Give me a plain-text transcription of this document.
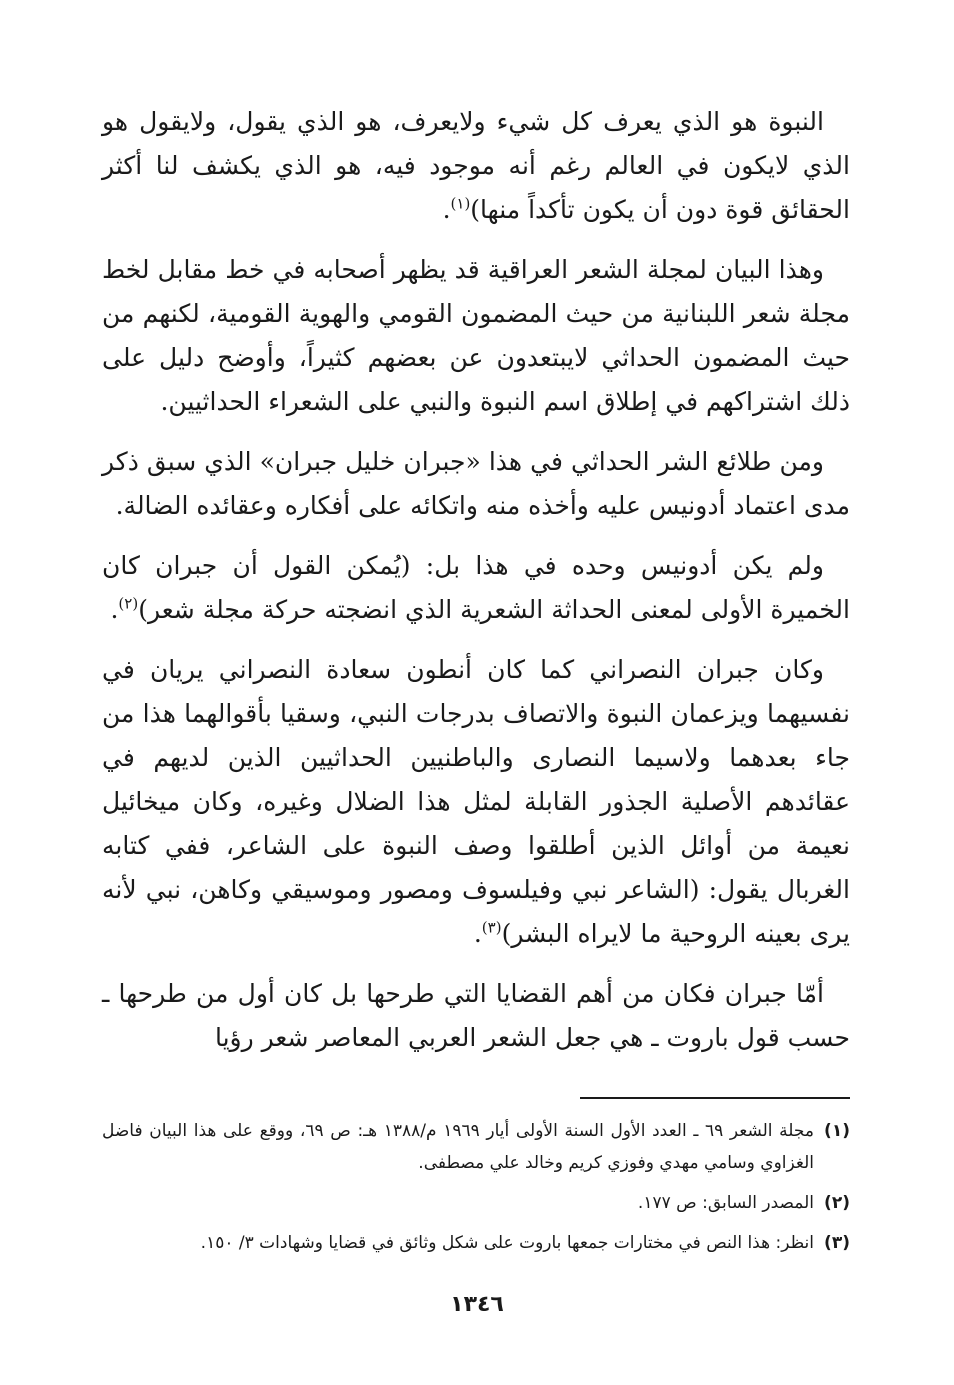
النبوة هو الذي يعرف كل شيء ولايعرف، هو الذي يقول، ولايقول هو الذي لايكون في العالم رغم أنه موجود فيه، هو الذي يكشف لنا أكثر الحقائق قوة دون أن يكون تأكداً منها)$^{(١)}$.

وهذا البيان لمجلة الشعر العراقية قد يظهر أصحابه في خط مقابل لخط مجلة شعر اللبنانية من حيث المضمون القومي والهوية القومية، لكنهم من حيث المضمون الحداثي لايبتعدون عن بعضهم كثيراً، وأوضح دليل على ذلك اشتراكهم في إطلاق اسم النبوة والنبي على الشعراء الحداثيين.

ومن طلائع الشر الحداثي في هذا «جبران خليل جبران» الذي سبق ذكر مدى اعتماد أدونيس عليه وأخذه منه واتكائه على أفكاره وعقائده الضالة.

ولم يكن أدونيس وحده في هذا بل: (يُمكن القول أن جبران كان الخميرة الأولى لمعنى الحداثة الشعرية الذي انضجته حركة مجلة شعر)$^{(٢)}$.

وكان جبران النصراني كما كان أنطون سعادة النصراني يريان في نفسيهما ويزعمان النبوة والاتصاف بدرجات النبي، وسقيا بأقوالهما هذا من جاء بعدهما ولاسيما النصارى والباطنيين الحداثيين الذين لديهم في عقائدهم الأصلية الجذور القابلة لمثل هذا الضلال وغيره، وكان ميخائيل نعيمة من أوائل الذين أطلقوا وصف النبوة على الشاعر، ففي كتابه الغربال يقول: (الشاعر نبي وفيلسوف ومصور وموسيقي وكاهن، نبي لأنه يرى بعينه الروحية ما لايراه البشر)$^{(٣)}$.

أمّا جبران فكان من أهم القضايا التي طرحها بل كان أول من طرحها ـ حسب قول باروت ـ هي جعل الشعر العربي المعاصر شعر رؤيا

(١)
مجلة الشعر ٦٩ ـ العدد الأول السنة الأولى أيار ١٩٦٩ م/١٣٨٨ هـ: ص ٦٩، ووقع على هذا البيان فاضل الغزاوي وسامي مهدي وفوزي كريم وخالد علي مصطفى.
(٢)
المصدر السابق: ص ١٧٧.
(٣)
انظر: هذا النص في مختارات جمعها باروت على شكل وثائق في قضايا وشهادات ٣/ ١٥٠.
١٣٤٦
